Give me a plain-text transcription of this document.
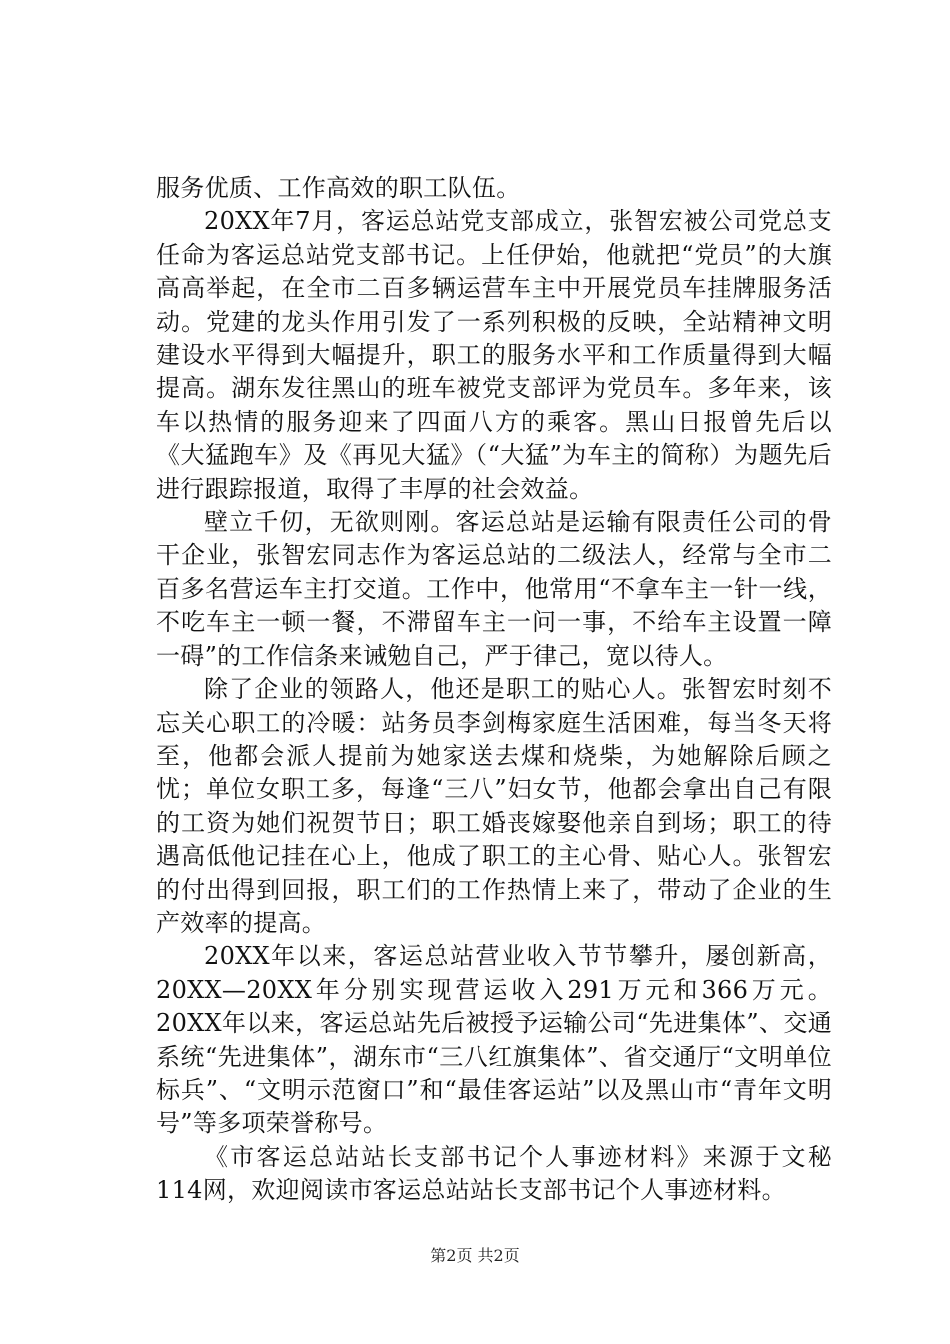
服务优质、工作高效的职工队伍。

20XX年7月，客运总站党支部成立，张智宏被公司党总支任命为客运总站党支部书记。上任伊始，他就把“党员”的大旗高高举起，在全市二百多辆运营车主中开展党员车挂牌服务活动。党建的龙头作用引发了一系列积极的反映，全站精神文明建设水平得到大幅提升，职工的服务水平和工作质量得到大幅提高。湖东发往黑山的班车被党支部评为党员车。多年来，该车以热情的服务迎来了四面八方的乘客。黑山日报曾先后以《大猛跑车》及《再见大猛》（“大猛”为车主的简称）为题先后进行跟踪报道，取得了丰厚的社会效益。

壁立千仞，无欲则刚。客运总站是运输有限责任公司的骨干企业，张智宏同志作为客运总站的二级法人，经常与全市二百多名营运车主打交道。工作中，他常用“不拿车主一针一线，不吃车主一顿一餐，不滞留车主一问一事，不给车主设置一障一碍”的工作信条来诫勉自己，严于律己，宽以待人。

除了企业的领路人，他还是职工的贴心人。张智宏时刻不忘关心职工的冷暖：站务员李剑梅家庭生活困难，每当冬天将至，他都会派人提前为她家送去煤和烧柴，为她解除后顾之忧；单位女职工多，每逢“三八”妇女节，他都会拿出自己有限的工资为她们祝贺节日；职工婚丧嫁娶他亲自到场；职工的待遇高低他记挂在心上，他成了职工的主心骨、贴心人。张智宏的付出得到回报，职工们的工作热情上来了，带动了企业的生产效率的提高。

20XX年以来，客运总站营业收入节节攀升，屡创新高，20XX—20XX年分别实现营运收入291万元和366万元。20XX年以来，客运总站先后被授予运输公司“先进集体”、交通系统“先进集体”，湖东市“三八红旗集体”、省交通厅“文明单位标兵”、“文明示范窗口”和“最佳客运站”以及黑山市“青年文明号”等多项荣誉称号。

《市客运总站站长支部书记个人事迹材料》来源于文秘114网，欢迎阅读市客运总站站长支部书记个人事迹材料。

第2页 共2页
